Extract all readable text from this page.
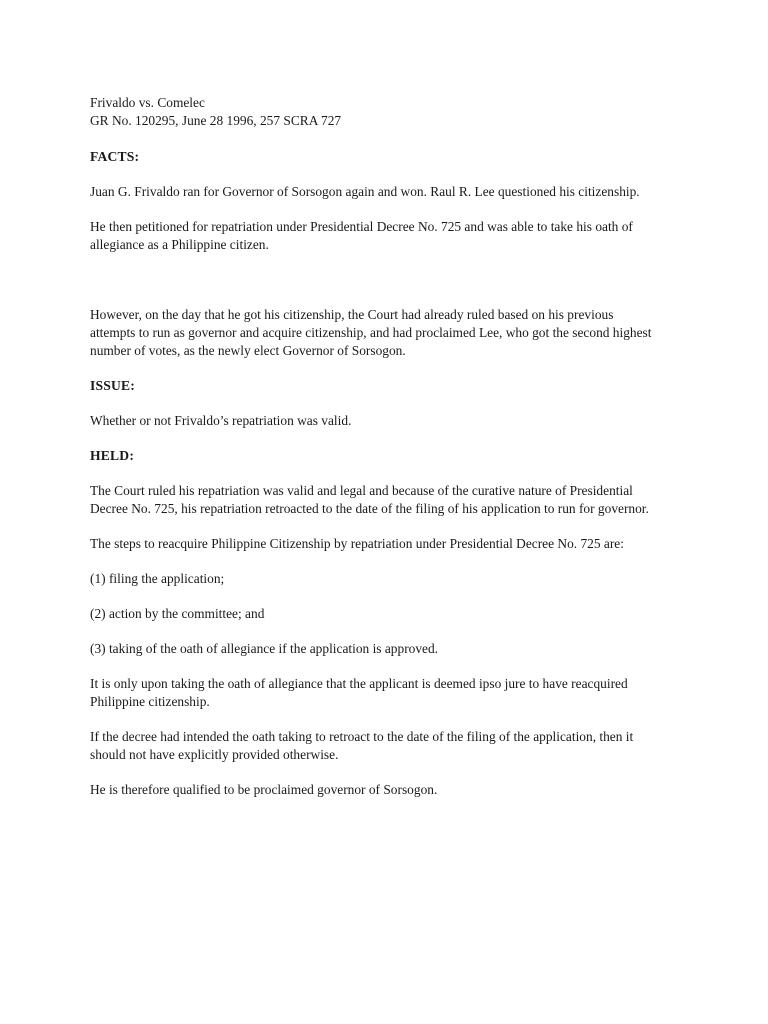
Frivaldo vs. Comelec

GR No. 120295, June 28 1996, 257 SCRA 727

FACTS:

Juan G. Frivaldo ran for Governor of Sorsogon again and won. Raul R. Lee questioned his citizenship.

He then petitioned for repatriation under Presidential Decree No. 725 and was able to take his oath of

allegiance as a Philippine citizen.

However, on the day that he got his citizenship, the Court had already ruled based on his previous

attempts to run as governor and acquire citizenship, and had proclaimed Lee, who got the second highest

number of votes, as the newly elect Governor of Sorsogon.

ISSUE:

Whether or not Frivaldo’s repatriation was valid.

HELD:

The Court ruled his repatriation was valid and legal and because of the curative nature of Presidential

Decree No. 725, his repatriation retroacted to the date of the filing of his application to run for governor.

The steps to reacquire Philippine Citizenship by repatriation under Presidential Decree No. 725 are:

(1) filing the application;

(2) action by the committee; and

(3) taking of the oath of allegiance if the application is approved.

It is only upon taking the oath of allegiance that the applicant is deemed ipso jure to have reacquired

Philippine citizenship.

If the decree had intended the oath taking to retroact to the date of the filing of the application, then it

should not have explicitly provided otherwise.

He is therefore qualified to be proclaimed governor of Sorsogon.
